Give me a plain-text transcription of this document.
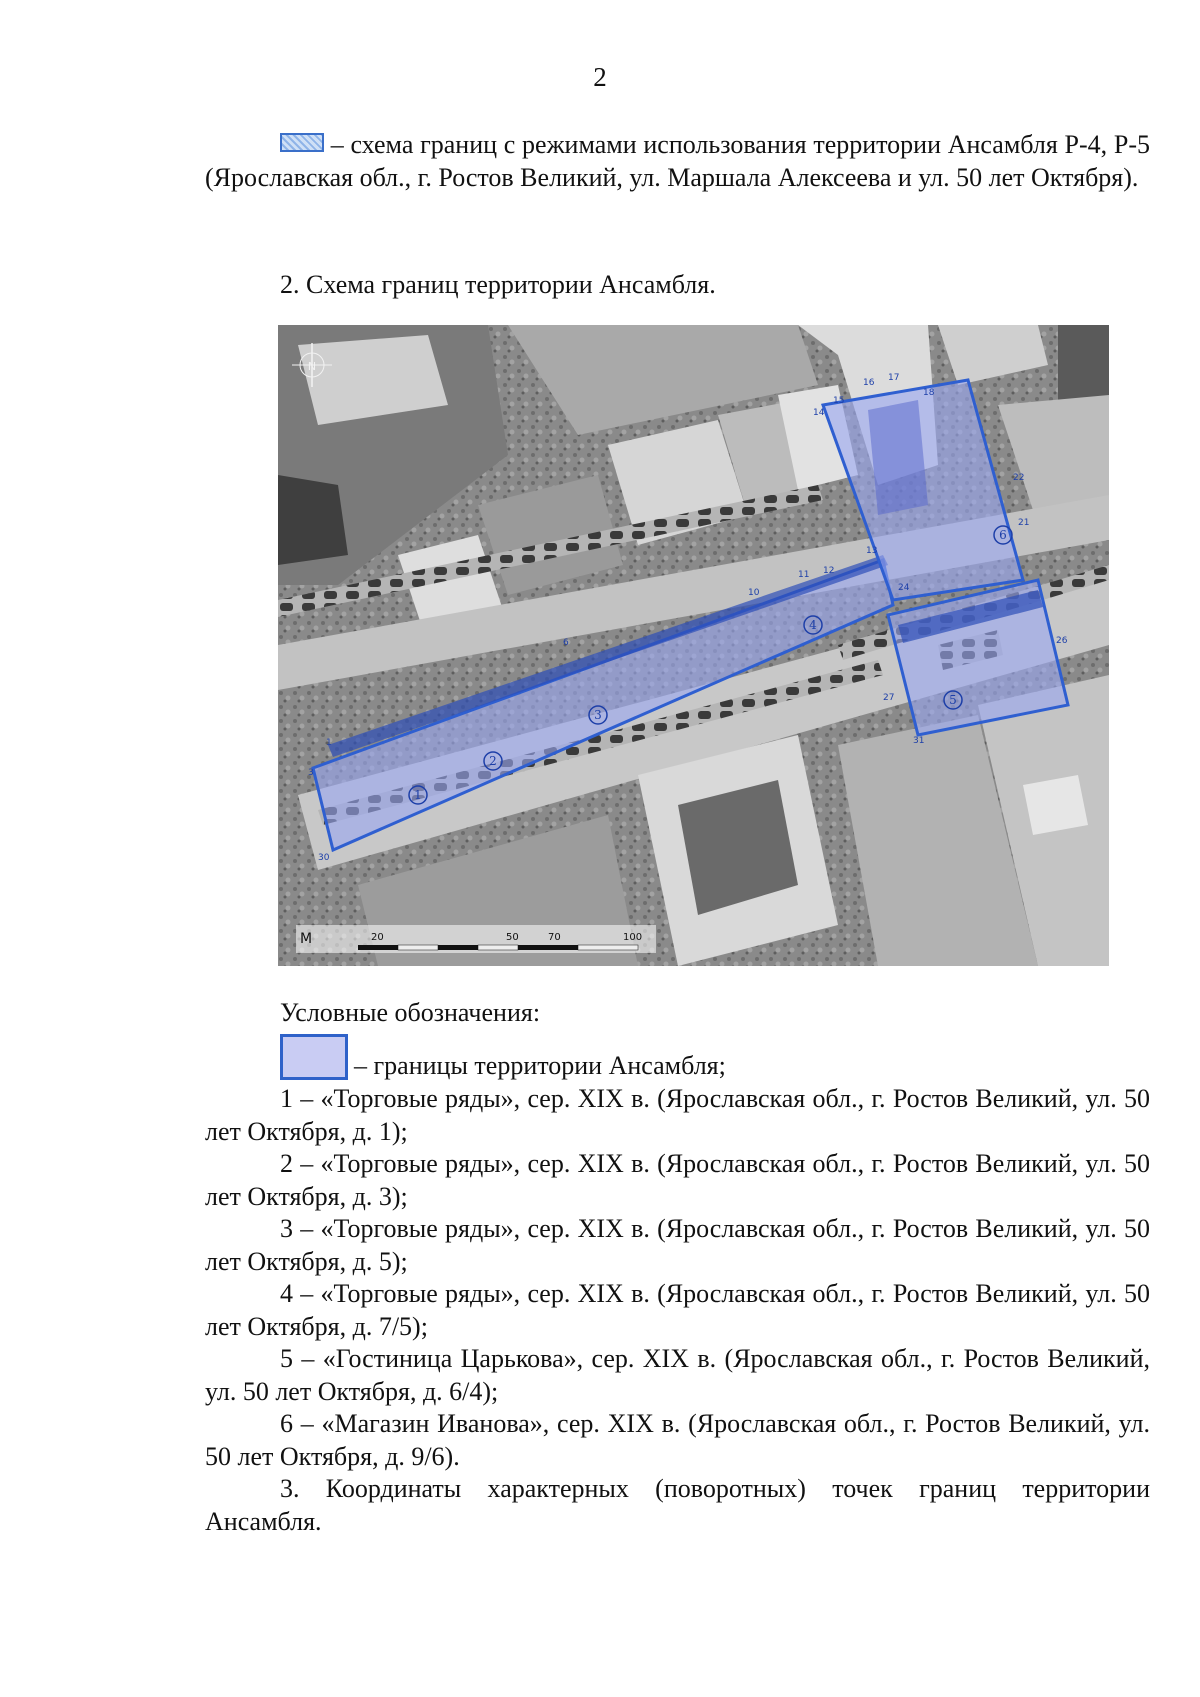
2

– схема границ с режимами использования территории Ансамбля Р-4, Р-5 (Ярославская обл., г. Ростов Великий, ул. Маршала Алексеева и ул. 50 лет Октября).

2. Схема границ территории Ансамбля.

1
2
3
4
5
6
1
3
6
10
11 12
13
14
15
16 17
18
21
22
24
26
27
30
31
N
М	20	50	70	100

Условные обозначения:

– границы территории Ансамбля;

1 – «Торговые ряды», сер. XIX в. (Ярославская обл., г. Ростов Великий, ул. 50 лет Октября, д. 1);
2 – «Торговые ряды», сер. XIX в. (Ярославская обл., г. Ростов Великий, ул. 50 лет Октября, д. 3);
3 – «Торговые ряды», сер. XIX в. (Ярославская обл., г. Ростов Великий, ул. 50 лет Октября, д. 5);
4 – «Торговые ряды», сер. XIX в. (Ярославская обл., г. Ростов Великий, ул. 50 лет Октября, д. 7/5);
5 – «Гостиница Царькова», сер. XIX в. (Ярославская обл., г. Ростов Великий, ул. 50 лет Октября, д. 6/4);
6 – «Магазин Иванова», сер. XIX в. (Ярославская обл., г. Ростов Великий, ул. 50 лет Октября, д. 9/6).
3. Координаты характерных (поворотных) точек границ территории Ансамбля.
